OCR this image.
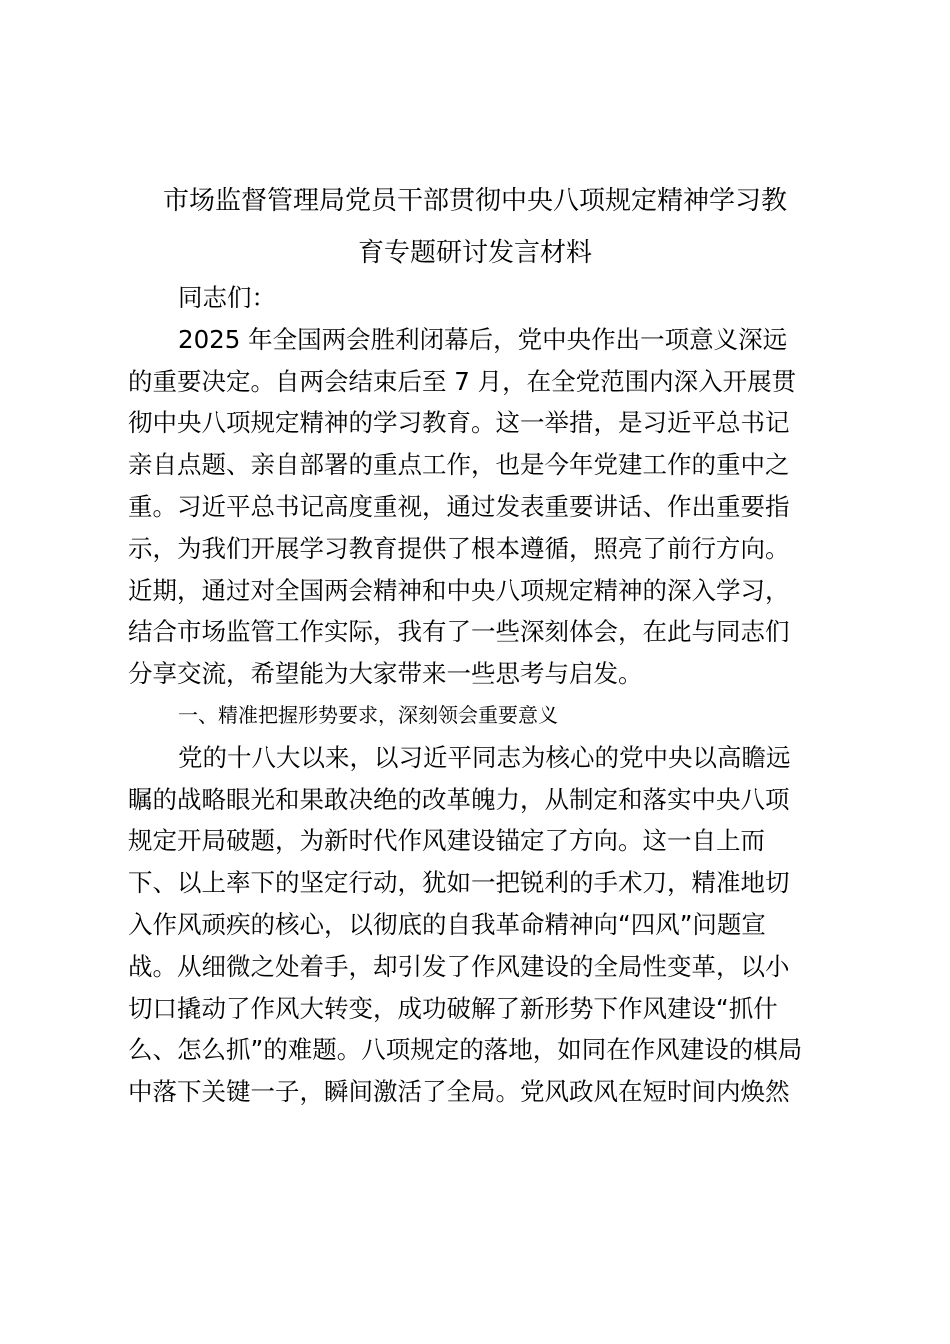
市场监督管理局党员干部贯彻中央八项规定精神学习教
育专题研讨发言材料
同志们：
2025 年全国两会胜利闭幕后，党中央作出一项意义深远
的重要决定。自两会结束后至 7 月，在全党范围内深入开展贯
彻中央八项规定精神的学习教育。这一举措，是习近平总书记
亲自点题、亲自部署的重点工作，也是今年党建工作的重中之
重。习近平总书记高度重视，通过发表重要讲话、作出重要指
示，为我们开展学习教育提供了根本遵循，照亮了前行方向。
近期，通过对全国两会精神和中央八项规定精神的深入学习，
结合市场监管工作实际，我有了一些深刻体会，在此与同志们
分享交流，希望能为大家带来一些思考与启发。
一、精准把握形势要求，深刻领会重要意义
党的十八大以来，以习近平同志为核心的党中央以高瞻远
瞩的战略眼光和果敢决绝的改革魄力，从制定和落实中央八项
规定开局破题，为新时代作风建设锚定了方向。这一自上而
下、以上率下的坚定行动，犹如一把锐利的手术刀，精准地切
入作风顽疾的核心，以彻底的自我革命精神向“四风”问题宣
战。从细微之处着手，却引发了作风建设的全局性变革，以小
切口撬动了作风大转变，成功破解了新形势下作风建设“抓什
么、怎么抓”的难题。八项规定的落地，如同在作风建设的棋局
中落下关键一子，瞬间激活了全局。党风政风在短时间内焕然
